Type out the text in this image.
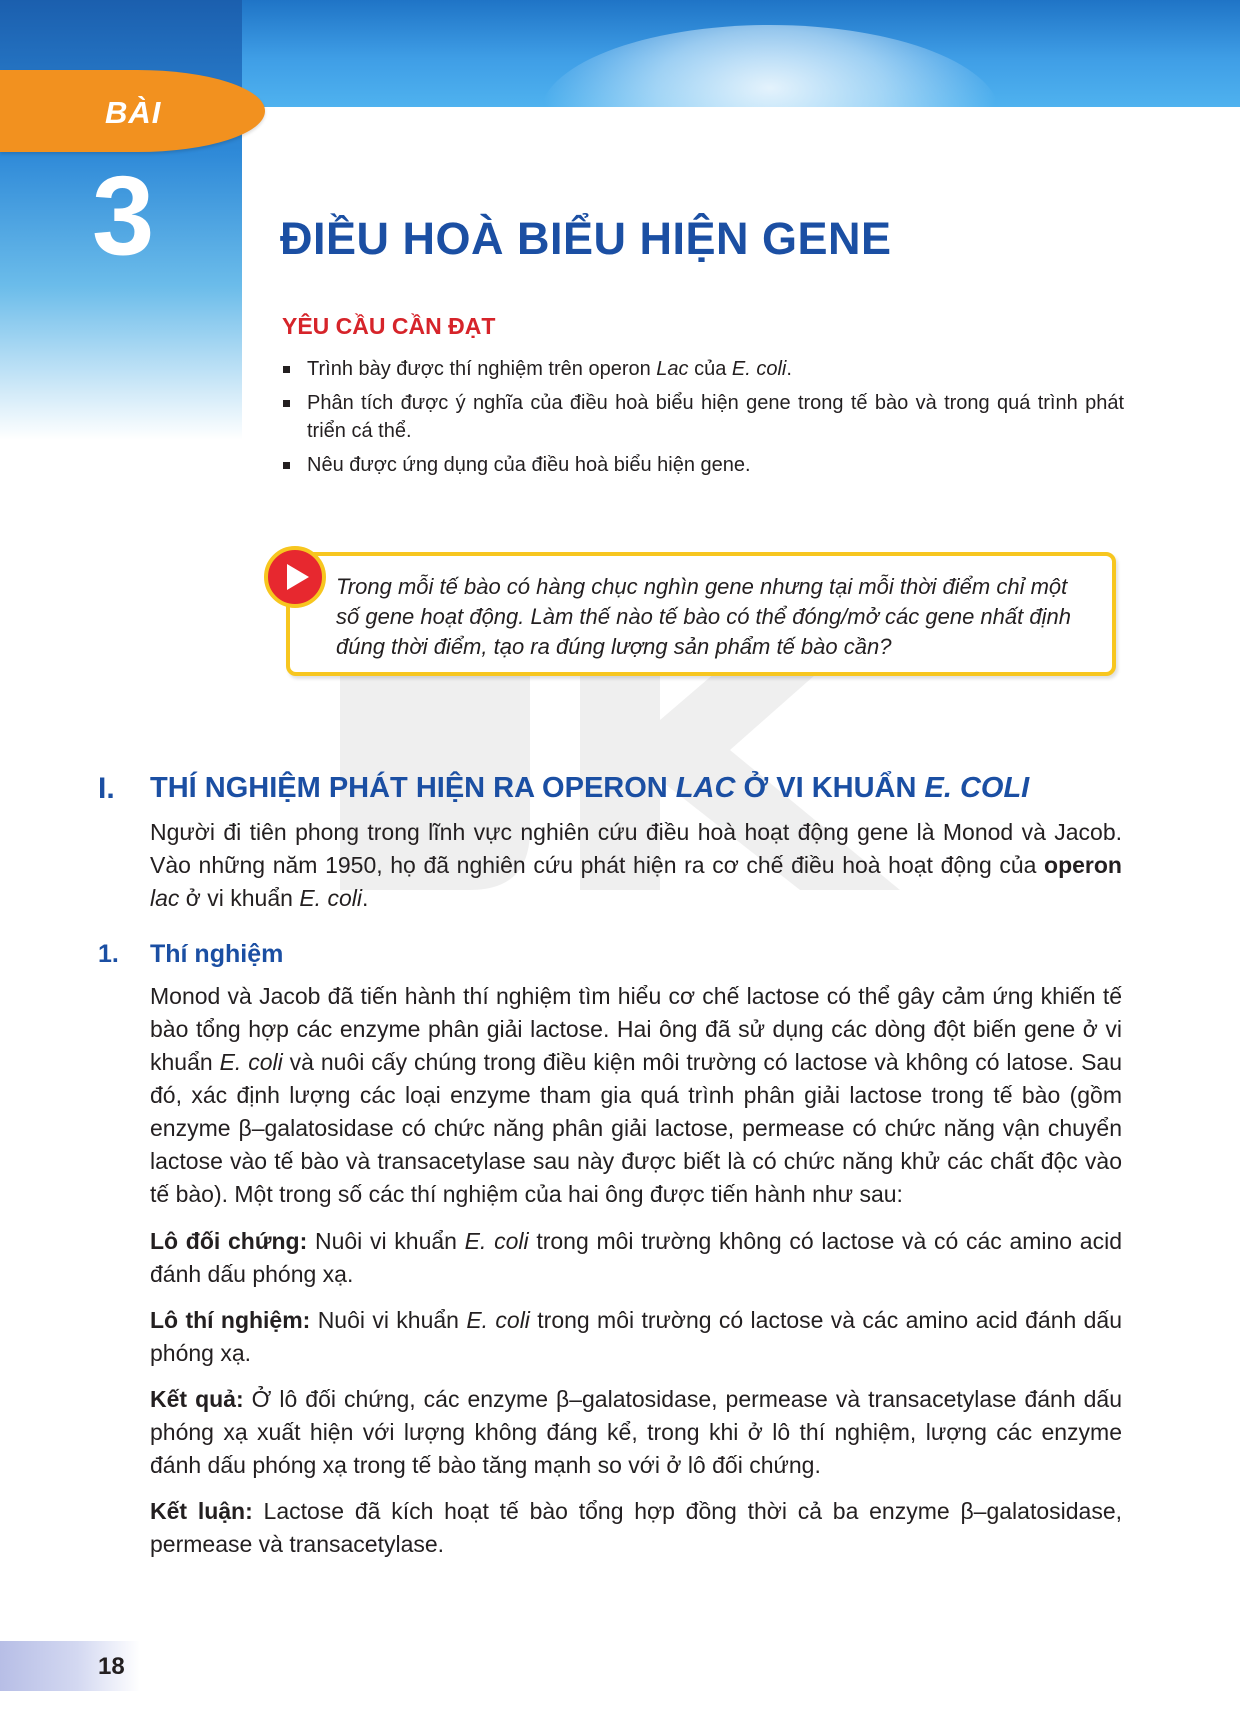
BÀI
3	ĐIỀU HOÀ BIỂU HIỆN GENE
YÊU CẦU CẦN ĐẠT
Trình bày được thí nghiệm trên operon Lac của E. coli.
Phân tích được ý nghĩa của điều hoà biểu hiện gene trong tế bào và trong quá trình phát triển cá thể.
Nêu được ứng dụng của điều hoà biểu hiện gene.

Trong mỗi tế bào có hàng chục nghìn gene nhưng tại mỗi thời điểm chỉ một số gene hoạt động. Làm thế nào tế bào có thể đóng/mở các gene nhất định đúng thời điểm, tạo ra đúng lượng sản phẩm tế bào cần?

I. THÍ NGHIỆM PHÁT HIỆN RA OPERON LAC Ở VI KHUẨN E. COLI

Người đi tiên phong trong lĩnh vực nghiên cứu điều hoà hoạt động gene là Monod và Jacob. Vào những năm 1950, họ đã nghiên cứu phát hiện ra cơ chế điều hoà hoạt động của operon lac ở vi khuẩn E. coli.

1. Thí nghiệm

Monod và Jacob đã tiến hành thí nghiệm tìm hiểu cơ chế lactose có thể gây cảm ứng khiến tế bào tổng hợp các enzyme phân giải lactose. Hai ông đã sử dụng các dòng đột biến gene ở vi khuẩn E. coli và nuôi cấy chúng trong điều kiện môi trường có lactose và không có latose. Sau đó, xác định lượng các loại enzyme tham gia quá trình phân giải lactose trong tế bào (gồm enzyme β–galatosidase có chức năng phân giải lactose, permease có chức năng vận chuyển lactose vào tế bào và transacetylase sau này được biết là có chức năng khử các chất độc vào tế bào). Một trong số các thí nghiệm của hai ông được tiến hành như sau:

Lô đối chứng: Nuôi vi khuẩn E. coli trong môi trường không có lactose và có các amino acid đánh dấu phóng xạ.

Lô thí nghiệm: Nuôi vi khuẩn E. coli trong môi trường có lactose và các amino acid đánh dấu phóng xạ.

Kết quả: Ở lô đối chứng, các enzyme β–galatosidase, permease và transacetylase đánh dấu phóng xạ xuất hiện với lượng không đáng kể, trong khi ở lô thí nghiệm, lượng các enzyme đánh dấu phóng xạ trong tế bào tăng mạnh so với ở lô đối chứng.

Kết luận: Lactose đã kích hoạt tế bào tổng hợp đồng thời cả ba enzyme β–galatosidase, permease và transacetylase.

18
